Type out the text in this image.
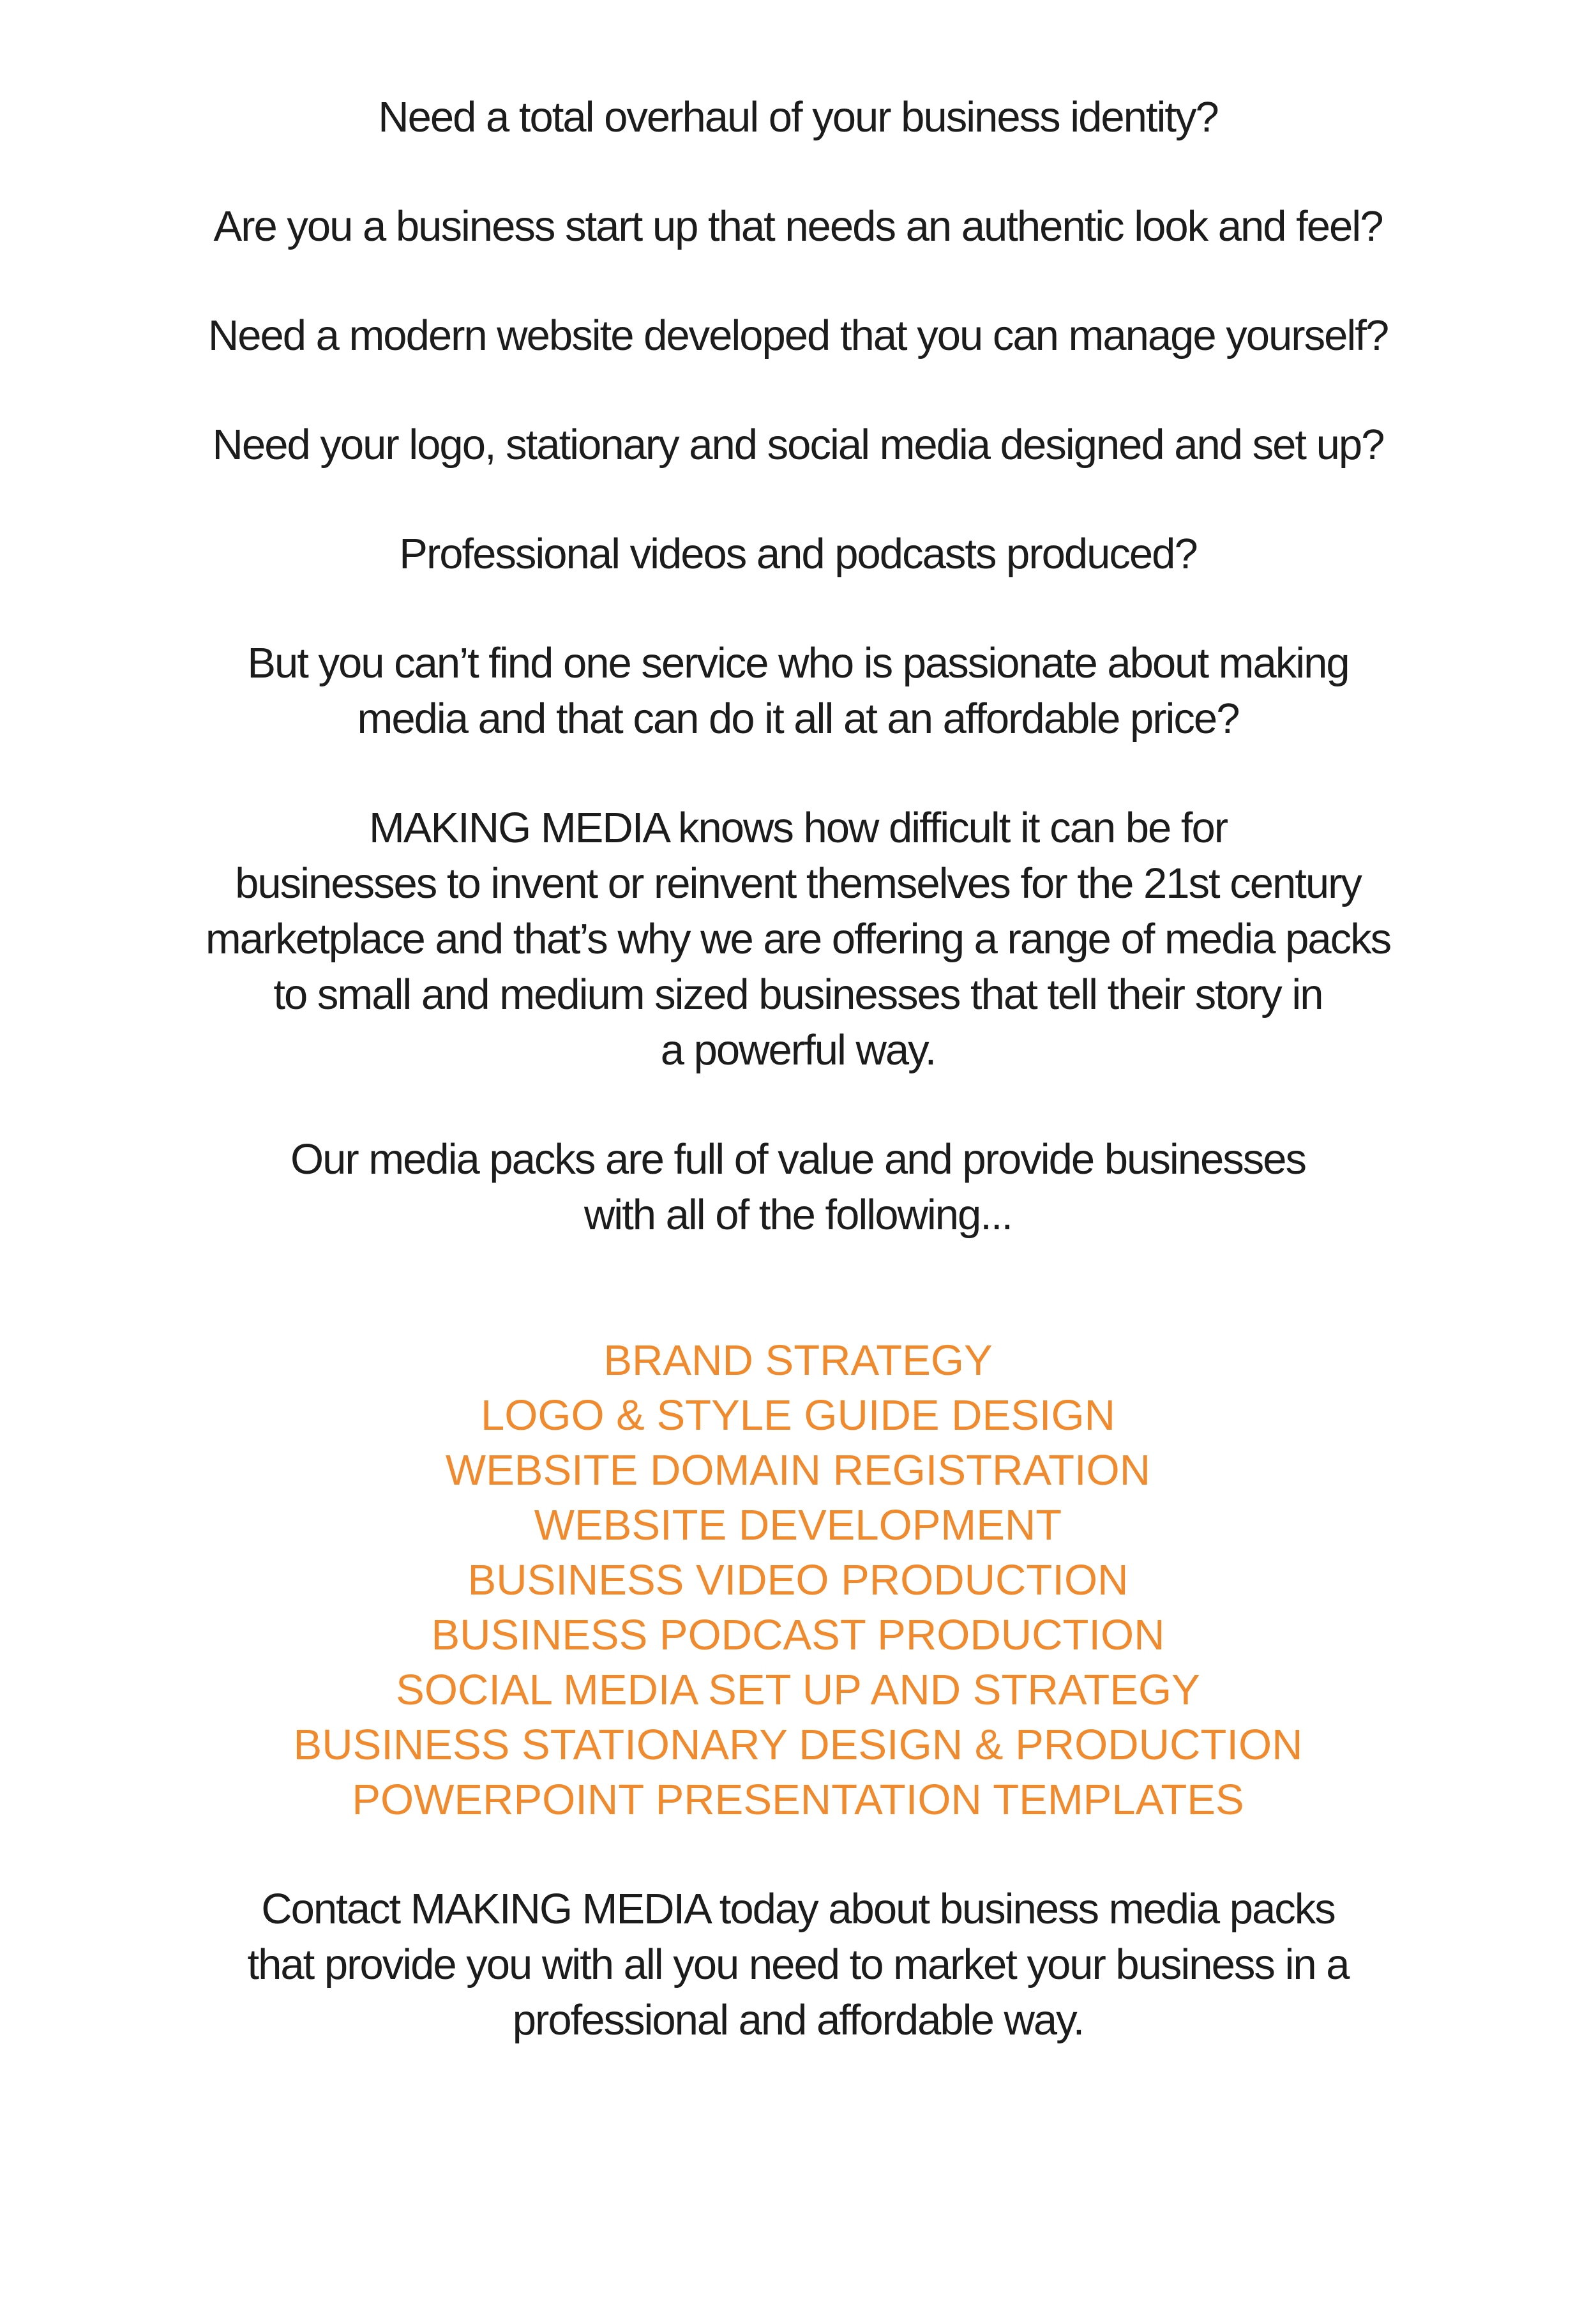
Need a total overhaul of your business identity?

Are you a business start up that needs an authentic look and feel?

Need a modern website developed that you can manage yourself?

Need your logo, stationary and social media designed and set up?

Professional videos and podcasts produced?

But you can’t find one service who is passionate about making
media and that can do it all at an affordable price?

MAKING MEDIA knows how difficult it can be for
businesses to invent or reinvent themselves for the 21st century
marketplace and that’s why we are offering a range of media packs
to small and medium sized businesses that tell their story in
a powerful way.

Our media packs are full of value and provide businesses
with all of the following...

BRAND STRATEGY
LOGO & STYLE GUIDE DESIGN
WEBSITE DOMAIN REGISTRATION
WEBSITE DEVELOPMENT
BUSINESS VIDEO PRODUCTION
BUSINESS PODCAST PRODUCTION
SOCIAL MEDIA SET UP AND STRATEGY
BUSINESS STATIONARY DESIGN & PRODUCTION
POWERPOINT PRESENTATION TEMPLATES

Contact MAKING MEDIA today about business media packs
that provide you with all you need to market your business in a
professional and affordable way.
